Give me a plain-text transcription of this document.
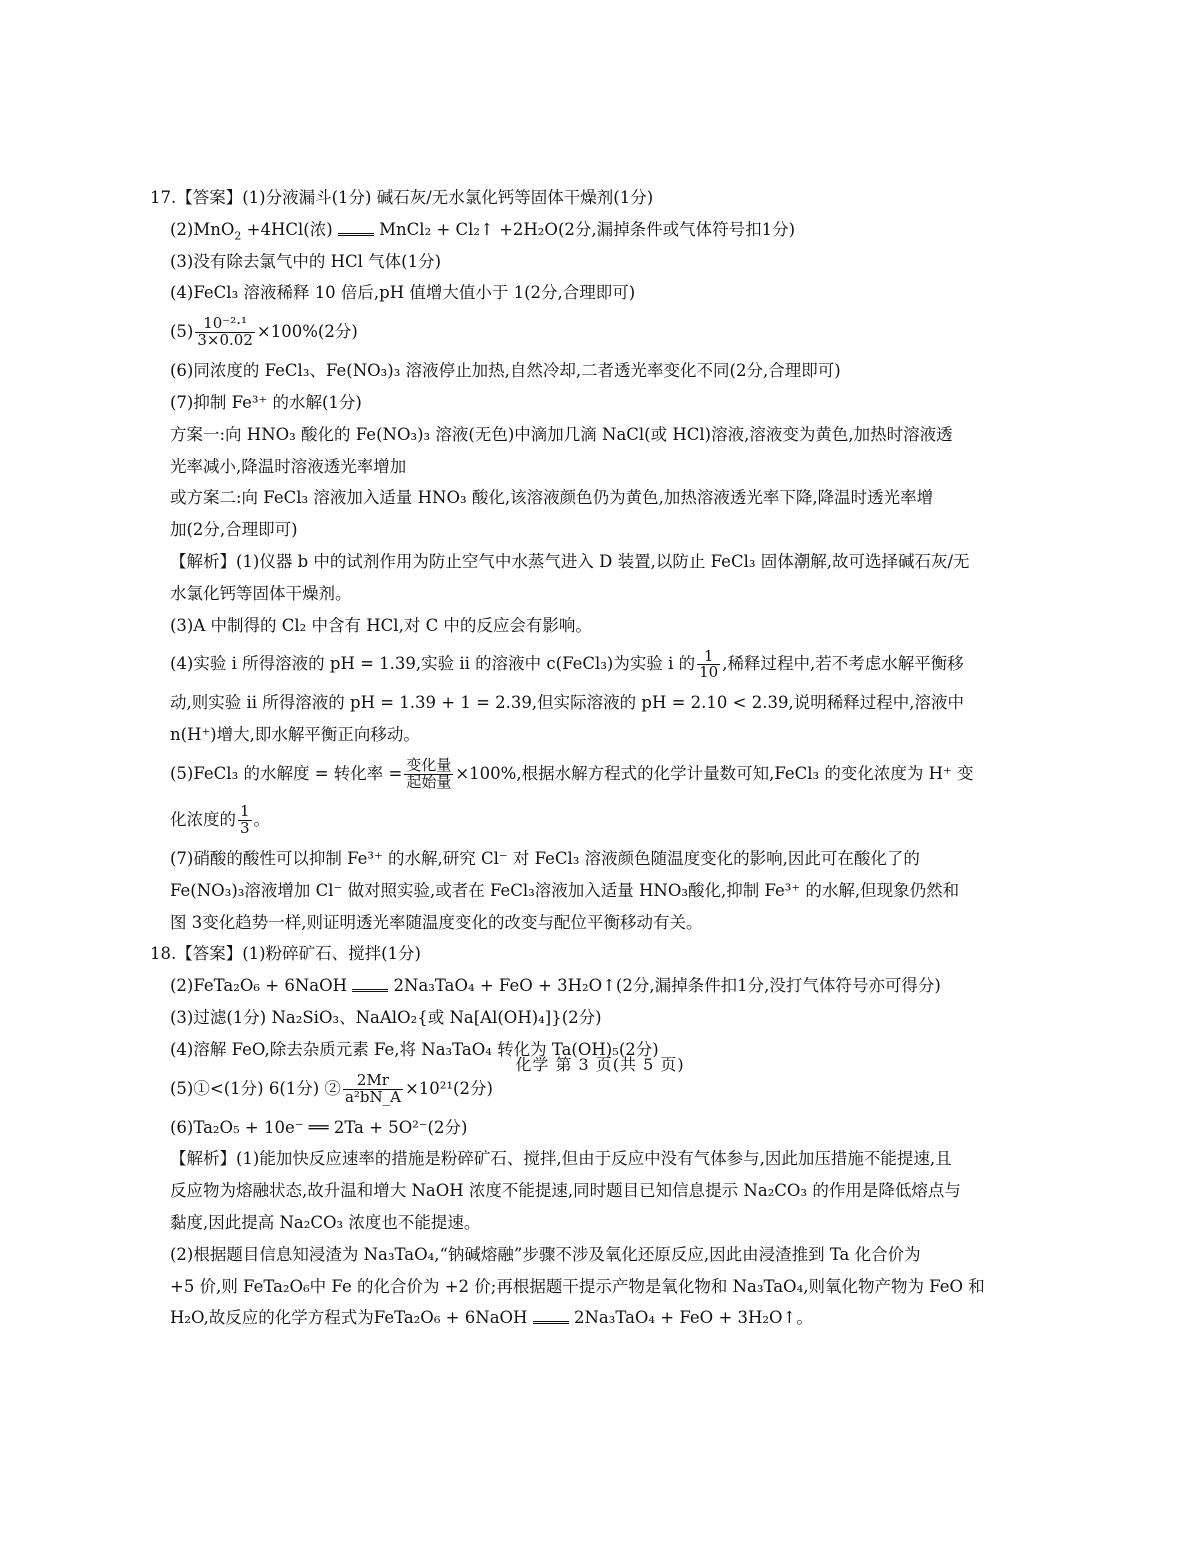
17.【答案】(1)分液漏斗(1分) 碱石灰/无水氯化钙等固体干燥剂(1分)
(2)MnO$_2$ +4HCl(浓)	MnCl₂ + Cl₂↑ +2H₂O(2分,漏掉条件或气体符号扣1分)
(3)没有除去氯气中的 HCl 气体(1分)
(4)FeCl₃ 溶液稀释 10 倍后,pH 值增大值小于 1(2分,合理即可)
$(5) \frac{\text{10⁻²·¹}}{3\times 0.02} \times 100\%(2$分)
(6)同浓度的 FeCl₃、Fe(NO₃)₃ 溶液停止加热,自然冷却,二者透光率变化不同(2分,合理即可)
(7)抑制 Fe³⁺ 的水解(1分)
方案一:向 HNO₃ 酸化的 Fe(NO₃)₃ 溶液(无色)中滴加几滴 NaCl(或 HCl)溶液,溶液变为黄色,加热时溶液透
光率减小,降温时溶液透光率增加
或方案二:向 FeCl₃ 溶液加入适量 HNO₃ 酸化,该溶液颜色仍为黄色,加热溶液透光率下降,降温时透光率增
加(2分,合理即可)
【解析】(1)仪器 b 中的试剂作用为防止空气中水蒸气进入 D 装置,以防止 FeCl₃ 固体潮解,故可选择碱石灰/无
水氯化钙等固体干燥剂。
(3)A 中制得的 Cl₂ 中含有 HCl,对 C 中的反应会有影响。
(4)实验 i 所得溶液的 pH = 1.39,实验 ii 的溶液中 c(FeCl₃)为实验 i 的 $\frac{1}{10}$ ,稀释过程中,若不考虑水解平衡移
动,则实验 ii 所得溶液的 pH = 1.39 + 1 = 2.39,但实际溶液的 pH = 2.10 < 2.39,说明稀释过程中,溶液中
n(H⁺)增大,即水解平衡正向移动。
(5)FeCl₃ 的水解度 = 转化率 = 变化量
起始量 ×100%,根据水解方程式的化学计量数可知,FeCl₃ 的变化浓度为 H⁺ 变
化浓度的 $\frac{1}{3}$ 。
(7)硝酸的酸性可以抑制 Fe³⁺ 的水解,研究 Cl⁻ 对 FeCl₃ 溶液颜色随温度变化的影响,因此可在酸化了的
Fe(NO₃)₃溶液增加 Cl⁻ 做对照实验,或者在 FeCl₃溶液加入适量 HNO₃酸化,抑制 Fe³⁺ 的水解,但现象仍然和
图 3变化趋势一样,则证明透光率随温度变化的改变与配位平衡移动有关。
18.【答案】(1)粉碎矿石、搅拌(1分)
(2)FeTa₂O₆ + 6NaOH	2Na₃TaO₄ + FeO + 3H₂O↑(2分,漏掉条件扣1分,没打气体符号亦可得分)
(3)过滤(1分) Na₂SiO₃、NaAlO₂{或 Na[Al(OH)₄]}(2分)
(4)溶解 FeO,除去杂质元素 Fe,将 Na₃TaO₄ 转化为 Ta(OH)₅(2分)
(5)①<(1分) 6(1分) ② $\frac{2Mr}{\text{a²bN\_A}} \times 10^{21}(2$分)
(6)Ta₂O₅ + 10e⁻ ══ 2Ta + 5O²⁻(2分)
【解析】(1)能加快反应速率的措施是粉碎矿石、搅拌,但由于反应中没有气体参与,因此加压措施不能提速,且
反应物为熔融状态,故升温和增大 NaOH 浓度不能提速,同时题目已知信息提示 Na₂CO₃ 的作用是降低熔点与
黏度,因此提高 Na₂CO₃ 浓度也不能提速。
(2)根据题目信息知浸渣为 Na₃TaO₄,“钠碱熔融”步骤不涉及氧化还原反应,因此由浸渣推到 Ta 化合价为
+5 价,则 FeTa₂O₆中 Fe 的化合价为 +2 价;再根据题干提示产物是氧化物和 Na₃TaO₄,则氧化物产物为 FeO 和
H₂O,故反应的化学方程式为FeTa₂O₆ + 6NaOH	2Na₃TaO₄ + FeO + 3H₂O↑。
化学 第 3 页(共 5 页)
